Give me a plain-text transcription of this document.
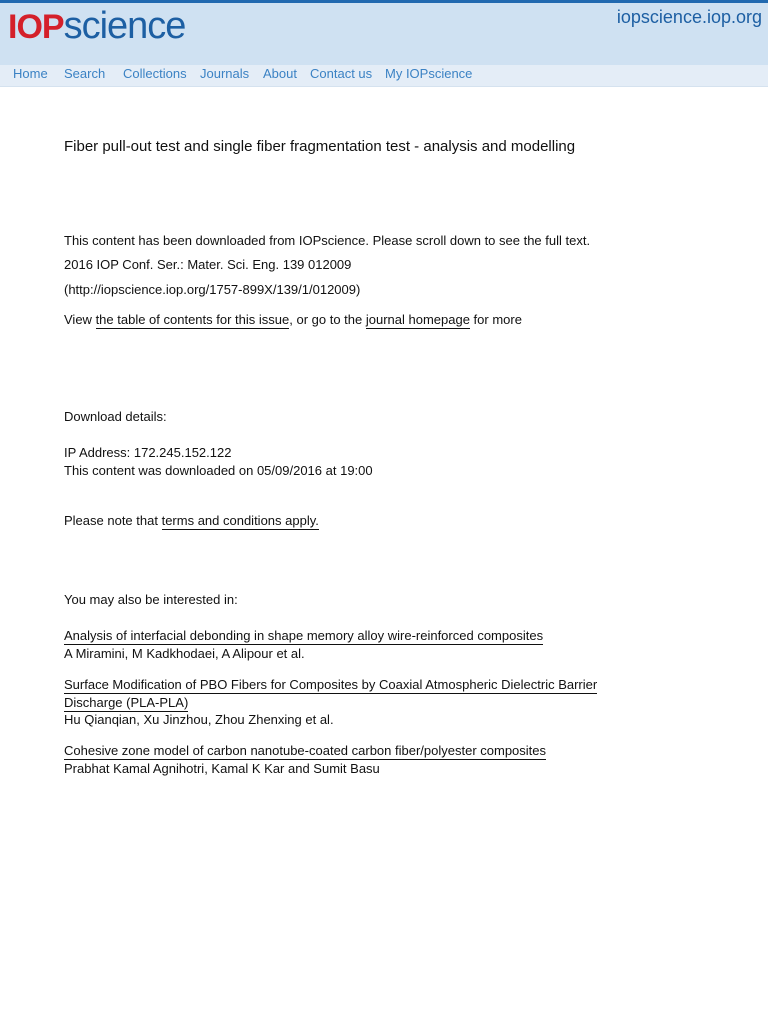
IOP science	iopscience.iop.org
Home Search Collections Journals About Contact us My IOPscience
Fiber pull-out test and single fiber fragmentation test - analysis and modelling
This content has been downloaded from IOPscience. Please scroll down to see the full text.
2016 IOP Conf. Ser.: Mater. Sci. Eng. 139 012009
(http://iopscience.iop.org/1757-899X/139/1/012009)
View the table of contents for this issue, or go to the journal homepage for more
Download details:
IP Address: 172.245.152.122
This content was downloaded on 05/09/2016 at 19:00
Please note that terms and conditions apply.
You may also be interested in:
Analysis of interfacial debonding in shape memory alloy wire-reinforced composites
A Miramini, M Kadkhodaei, A Alipour et al.
Surface Modification of PBO Fibers for Composites by Coaxial Atmospheric Dielectric Barrier Discharge (PLA-PLA)
Hu Qianqian, Xu Jinzhou, Zhou Zhenxing et al.
Cohesive zone model of carbon nanotube-coated carbon fiber/polyester composites
Prabhat Kamal Agnihotri, Kamal K Kar and Sumit Basu
